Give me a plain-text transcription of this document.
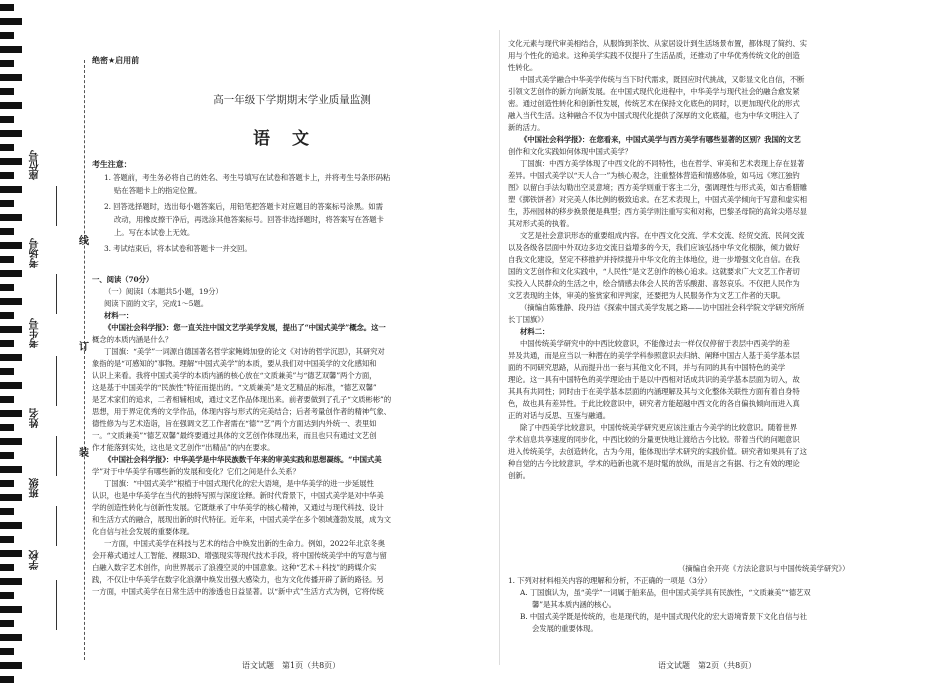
座位号
考场号
考生号
姓名
班级
学校
线
订
装
绝密★启用前
高一年级下学期期末学业质量监测
语文
考生注意：
1. 答题前，考生务必将自己的姓名、考生号填写在试卷和答题卡上，并将考生号条形码粘
贴在答题卡上的指定位置。
2. 回答选择题时，选出每小题答案后，用铅笔把答题卡对应题目的答案标号涂黑。如需
改动，用橡皮擦干净后，再选涂其他答案标号。回答非选择题时，将答案写在答题卡
上。写在本试卷上无效。
3. 考试结束后，将本试卷和答题卡一并交回。
一、阅读（70分）
（一）阅读Ⅰ（本题共5小题，19分）
阅读下面的文字，完成1～5题。
材料一：
《中国社会科学报》：您一直关注中国文艺学美学发展，提出了“中国式美学”概念。这一
概念的本质内涵是什么？
丁国旗：“美学”一词源自德国著名哲学家鲍姆加登的论文《对诗的哲学沉思》，其研究对
象指的是“可感知的”事物。理解“中国式美学”的本质，要从我们对中国美学的文化感知和
认识上来看。我将中国式美学的本质内涵的核心放在“文质兼美”与“德艺双馨”两个方面，
这是基于中国美学的“民族性”特征而提出的。“文质兼美”是文艺精品的标准，“德艺双馨”
是艺术家们的追求，二者相辅相成，通过文艺作品体现出来。前者要做到了孔子“文质彬彬”的
思想，用于界定优秀的文学作品，体现内容与形式的完美结合；后者考量创作者的精神气象、
德性修为与艺术造诣，旨在强调文艺工作者需在“德”“艺”两个方面达到内外统一、表里如
一。“文质兼美”“德艺双馨”最终要通过具体的文艺创作体现出来，而且也只有通过文艺创
作才能落到实处，这也是文艺创作“出精品”的内在要求。
《中国社会科学报》：中华美学是中华民族数千年来的审美实践和思想凝练。“中国式美
学”对于中华美学有哪些新的发展和变化？它们之间是什么关系？
丁国旗：“中国式美学”根植于中国式现代化的宏大语境，是中华美学的进一步延展性
认识，也是中华美学在当代的独特写照与深度诠释。新时代背景下，中国式美学是对中华美
学的创造性转化与创新性发展。它既继承了中华美学的核心精神，又通过与现代科技、设计
和生活方式的融合，展现出新的时代特征。近年来，中国式美学在多个领域蓬勃发展，成为文
化自信与社会发展的重要体现。
一方面，中国式美学在科技与艺术的结合中焕发出新的生命力。例如，2022年北京冬奥
会开幕式通过人工智能、裸眼3D、增强现实等现代技术手段，将中国传统美学中的写意与留
白融入数字艺术创作，向世界展示了浪漫空灵的中国意象。这种“艺术＋科技”的跨媒介实
践，不仅让中华美学在数字化浪潮中焕发出强大感染力，也为文化传播开辟了新的路径。另
一方面，中国式美学在日常生活中的渗透也日益显著。以“新中式”生活方式为例，它将传统
语文试题　第1页（共8页）
文化元素与现代审美相结合，从服饰到茶饮、从家居设计到生活场景布置，都体现了简约、实
用与个性化的追求。这种美学实践不仅提升了生活品质，还推动了中华优秀传统文化的创造
性转化。
中国式美学融合中华美学传统与当下时代需求，既回应时代挑战，又彰显文化自信，不断
引领文艺创作的新方向新发展。在中国式现代化进程中，中华美学与现代社会的融合愈发紧
密。通过创造性转化和创新性发展，传统艺术在保持文化底色的同时，以更加现代化的形式
融入当代生活。这种融合不仅为中国式现代化提供了深厚的文化底蕴，也为中华文明注入了
新的活力。
《中国社会科学报》：在您看来，中国式美学与西方美学有哪些显著的区别？我国的文艺
创作和文化实践如何体现中国式美学？
丁国旗：中西方美学体现了中西文化的不同特性，也在哲学、审美和艺术表现上存在显著
差异。中国式美学以“天人合一”为核心观念，注重整体营造和情感体验，如马远《寒江独钓
图》以留白手法勾勒出空灵意境；西方美学则重于客主二分，强调理性与形式美，如古希腊雕
塑《掷铁饼者》对完美人体比例的极致追求。在艺术表现上，中国式美学倾向于写意和虚实相
生，苏州园林的移步换景便是典型；西方美学则注重写实和对称，巴黎圣母院的高耸尖塔尽显
其对形式美的执着。
文艺是社会意识形态的重要组成内容。在中西文化交流、学术交流、经贸交流、民间交流
以及各级各层面中外双边多边交流日益增多的今天，我们应该弘扬中华文化根脉，倾力做好
自我文化建设，坚定不移推护并持续提升中华文化的主体地位，进一步增强文化自信。在我
国的文艺创作和文化实践中，“人民性”是文艺创作的核心追求。这就要求广大文艺工作者切
实投入人民群众的生活之中，绘合情感去体会人民的苦乐酸甜、喜怒哀乐。不仅把人民作为
文艺表现的主体，审美的鉴赏家和评判家，还要把为人民服务作为文艺工作者的天职。
（摘编自陈雅静、段丹洁《探索中国式美学发展之路——访中国社会科学院文学研究所所
长丁国旗》）
材料二：
中国传统美学研究中的中西比较意识，不能像过去一样仅仅停留于表层中西美学的差
异及共通，而是应当以一种潜在的美学学科参照意识去归纳、阐释中国古人基于美学基本层
面的不同研究思路，从而提升出一套与其他文化不同，并与有同的具有中国特色的美学
理论。这一具有中国特色的美学理论由于是以中西相对话成共识的美学基本层面为切入，故
其具有共同性；同时由于在美学基本层面的内涵理解及其与文化整体关联性方面有着自身特
色，故也具有差异性。于此比较意识中，研究者方能超越中西文化的各自偏执倾向而进入真
正的对话与反思、互鉴与融通。
除了中西美学比较意识，中国传统美学研究更应该注重古今美学的比较意识。随着世界
学术信息共享速度的同步化，中西比较的分量更快地让渡给古今比较。带着当代的问题意识
进入传统美学，去创造转化，古为今用，能体现出学术研究的实践价值。研究者如果具有了这
种自觉的古今比较意识，学术的趋新也就不是时髦的放纵，而是言之有据、行之有效的理论
创新。
（摘编自余开亮《方法论意识与中国传统美学研究》）
1. 下列对材料相关内容的理解和分析，不正确的一项是（3分）
A. 丁国旗认为，虽“美学”一词属于舶来品，但中国式美学具有民族性，“文质兼美”“德艺双
馨”是其本质内涵的核心。
B. 中国式美学既是传统的，也是现代的，是中国式现代化的宏大语境背景下文化自信与社
会发展的重要体现。
语文试题　第2页（共8页）
